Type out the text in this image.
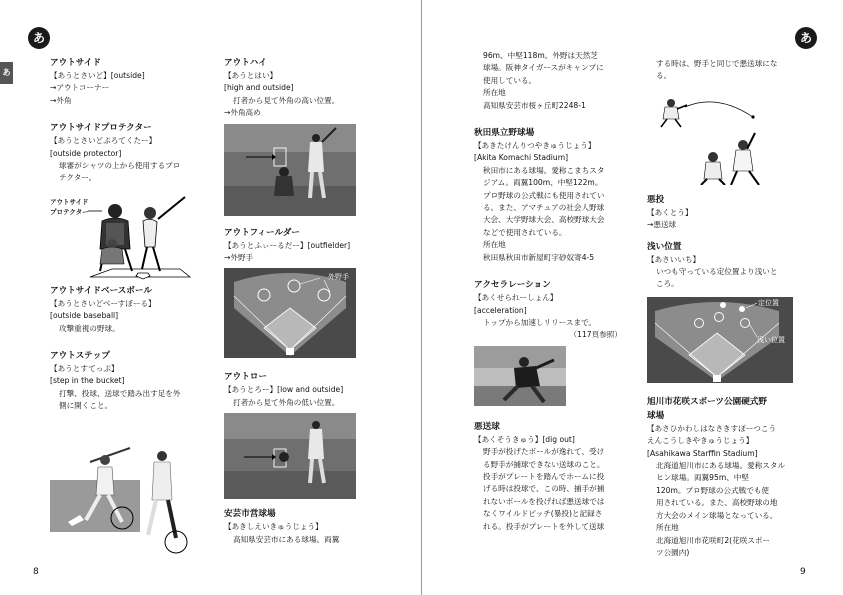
あ
あ	あ
アウトサイド
【あうとさいど】[outside]
→アウトコーナー
→外角
アウトサイドプロテクター
【あうとさいどぷろてくたー】
[outside protector]
球審がシャツの上から使用するプロ
テクター。
アウトサイド
プロテクター
アウトサイドベースボール
【あうとさいどべーすぼーる】
[outside baseball]
攻撃重視の野球。
アウトステップ
【あうとすてっぷ】
[step in the bucket]
打撃、投球、送球で踏み出す足を外
側に開くこと。
アウトハイ
【あうとはい】
[high and outside]
打者から見て外角の高い位置。
→外角高め
アウトフィールダー
【あうとふぃーるだー】[outfielder]
→外野手
外野手
アウトロー
【あうとろー】[low and outside]
打者から見て外角の低い位置。
安芸市営球場
【あきしえいきゅうじょう】
高知県安芸市にある球場。両翼
8
96m、中堅118m。外野は天然芝
球場。阪神タイガースがキャンプに
使用している。
所在地
高知県安芸市桜ヶ丘町2248-1
秋田県立野球場
【あきたけんりつやきゅうじょう】
[Akita Komachi Stadium]
秋田市にある球場。愛称こまちスタ
ジアム。両翼100m、中堅122m。
プロ野球の公式戦にも使用されてい
る。また、アマチュアの社会人野球
大会、大学野球大会、高校野球大会
などで使用されている。
所在地
秋田県秋田市新屋町字砂奴寄4-5
アクセラレーション
【あくせられーしょん】
[acceleration]
トップから加速しリリースまで。
（117頁参照）
悪送球
【あくそうきゅう】[dig out]
野手が投げたボールが逸れて、受け
る野手が捕球できない送球のこと。
投手がプレートを踏んでホームに投
げる時は投球で、この時、捕手が捕
れないボールを投げれば悪送球では
なくワイルドピッチ(暴投)と記録さ
れる。投手がプレートを外して送球
する時は、野手と同じで悪送球にな
る。
悪投
【あくとう】
→悪送球
浅い位置
【あさいいち】
いつも守っている定位置より浅いと
ころ。
定位置
浅い位置
旭川市花咲スポーツ公園硬式野
球場
【あさひかわしはなさきすぽーつこう
えんこうしきやきゅうじょう】
[Asahikawa Starffin Stadium]
北海道旭川市にある球場。愛称スタル
ヒン球場。両翼95m、中堅
120m。プロ野球の公式戦でも使
用されている。また、高校野球の地
方大会のメイン球場となっている。
所在地
北海道旭川市花咲町2(花咲スポー
ツ公園内)
9
